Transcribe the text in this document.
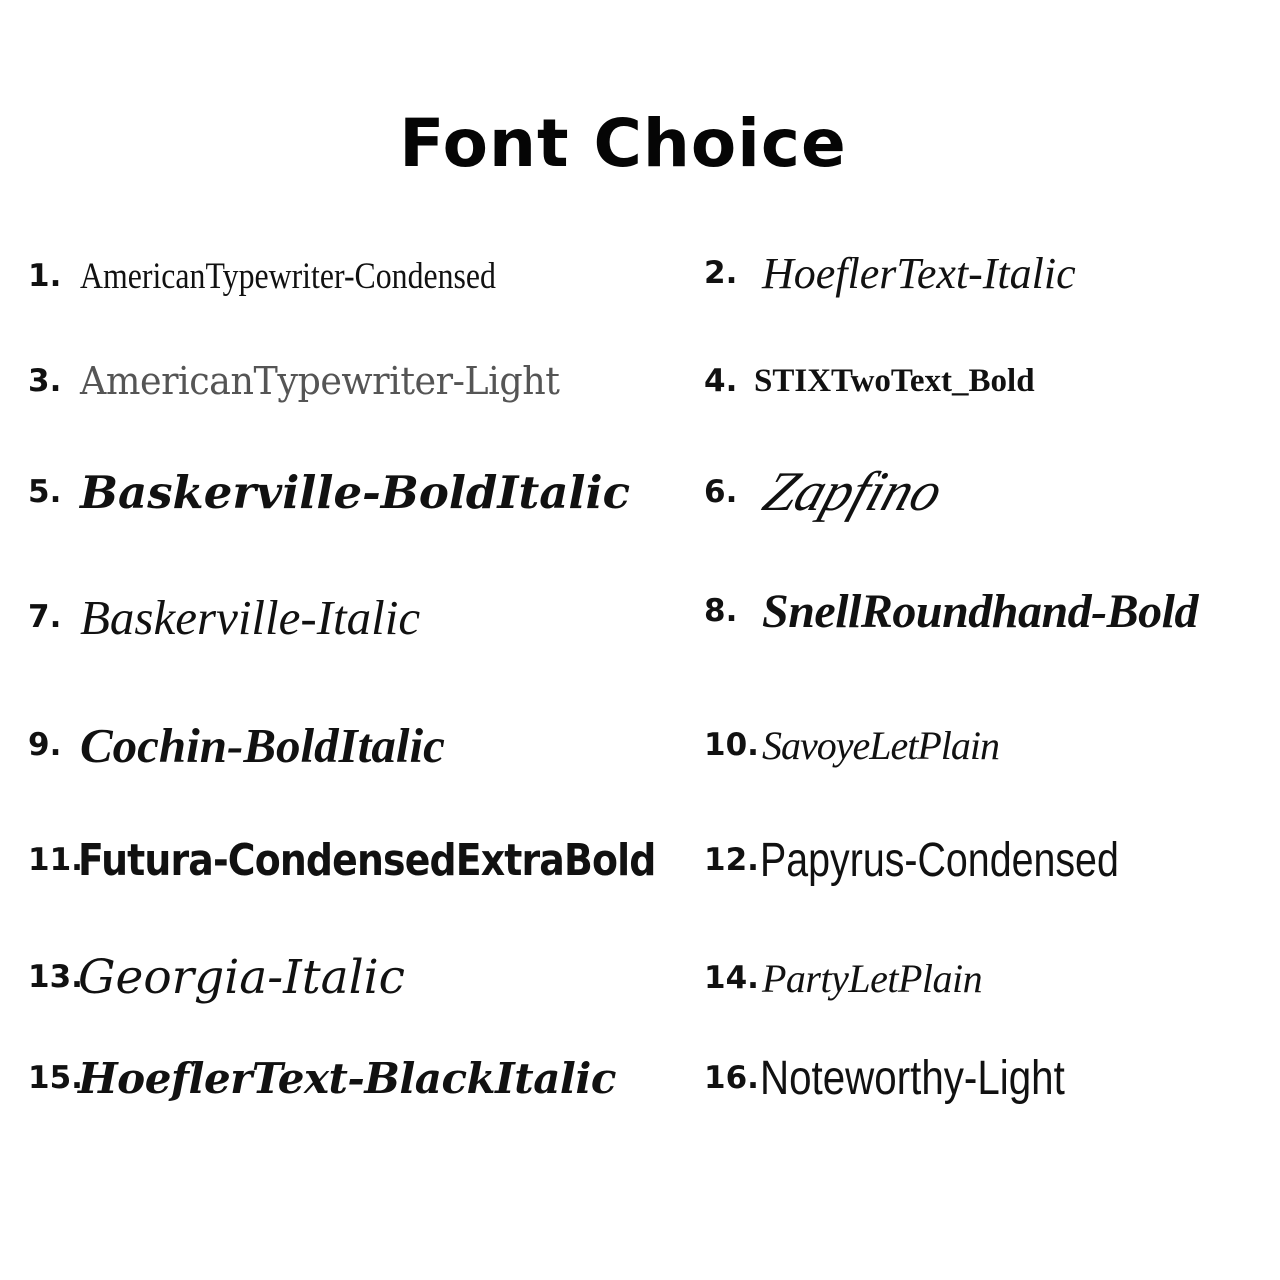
Font Choice
1. AmericanTypewriter-Condensed
3. AmericanTypewriter-Light
5. Baskerville-BoldItalic
7. Baskerville-Italic
9. Cochin-BoldItalic
11.
Futura-CondensedExtraBold
13.
Georgia-Italic
15.
HoeflerText-BlackItalic
2. HoeflerText-Italic
4. STIXTwoText_Bold
6. Zapfino
8. SnellRoundhand-Bold
10. SavoyeLetPlain
12. Papyrus-Condensed
14. PartyLetPlain
16. Noteworthy-Light
